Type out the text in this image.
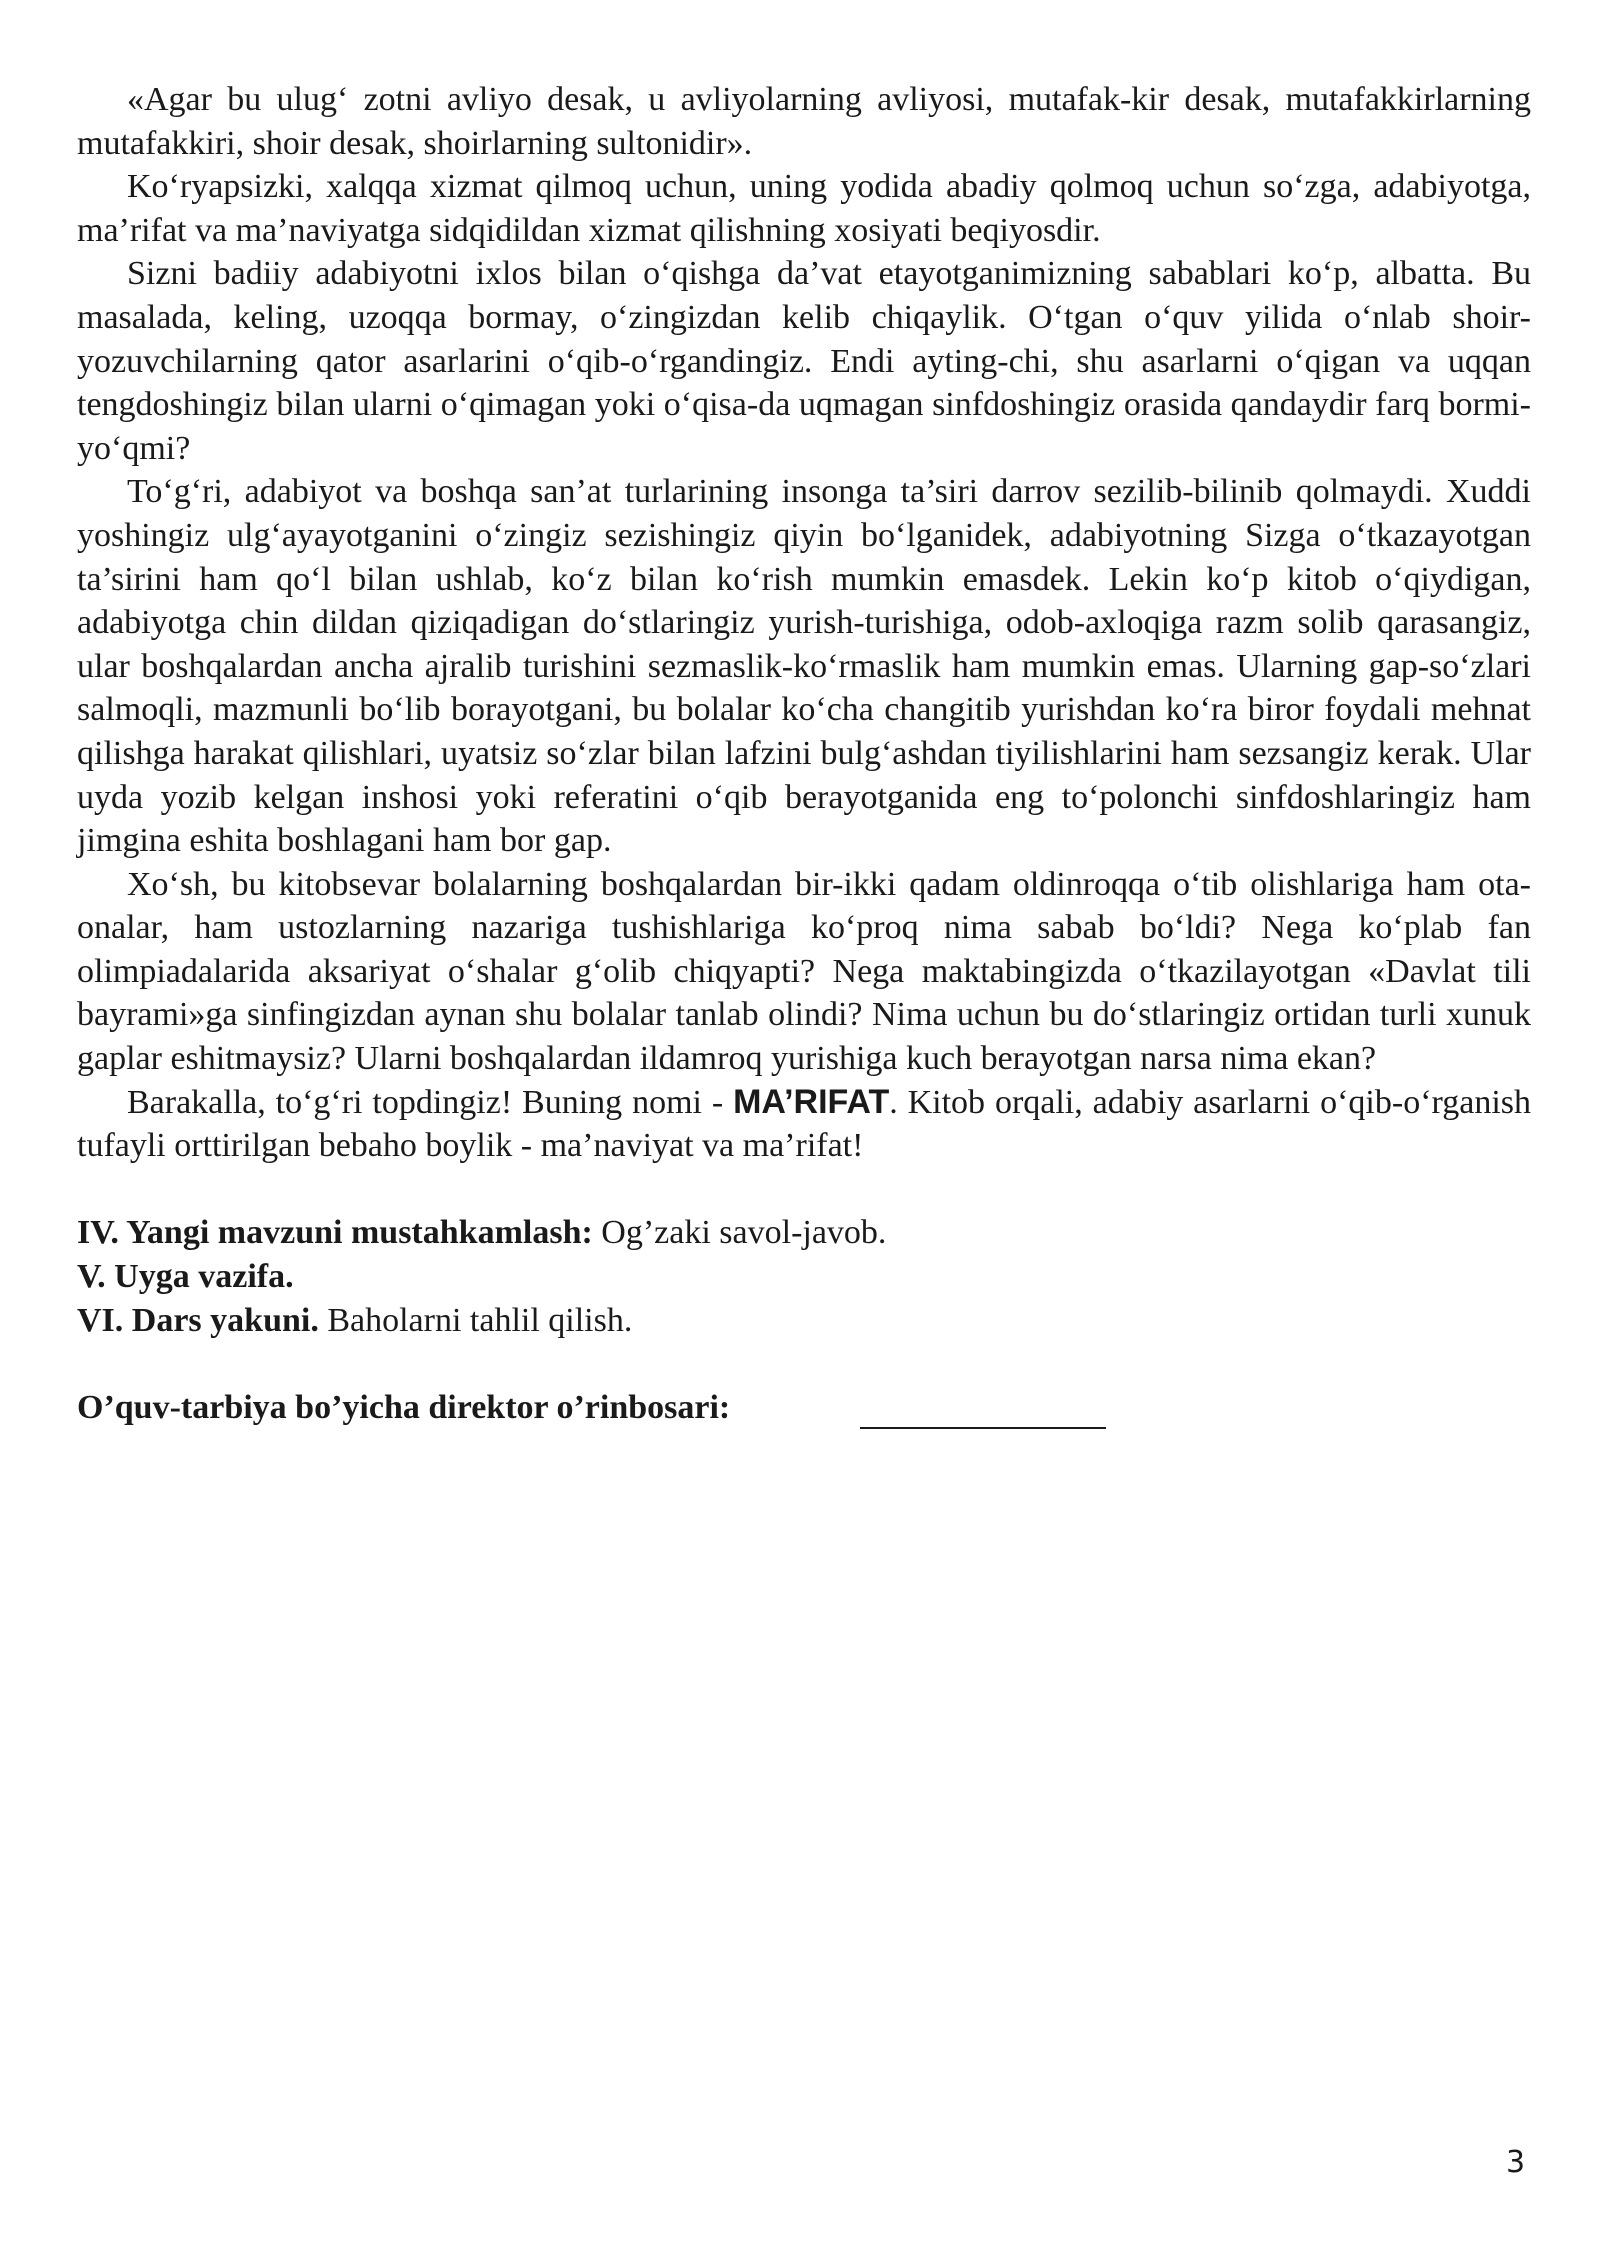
«Agar bu ulug‘ zotni avliyo desak, u avliyolarning avliyosi, mutafak-kir desak, mutafakkirlarning mutafakkiri, shoir desak, shoirlarning sultonidir».

Ko‘ryapsizki, xalqqa xizmat qilmoq uchun, uning yodida abadiy qolmoq uchun so‘zga, adabiyotga, ma’rifat va ma’naviyatga sidqidildan xizmat qilishning xosiyati beqiyosdir.

Sizni badiiy adabiyotni ixlos bilan o‘qishga da’vat etayotganimizning sabablari ko‘p, albatta. Bu masalada, keling, uzoqqa bormay, o‘zingizdan kelib chiqaylik. O‘tgan o‘quv yilida o‘nlab shoir-yozuvchilarning qator asarlarini o‘qib-o‘rgandingiz. Endi ayting-chi, shu asarlarni o‘qigan va uqqan tengdoshingiz bilan ularni o‘qimagan yoki o‘qisa-da uqmagan sinfdoshingiz orasida qandaydir farq bormi-yo‘qmi?

To‘g‘ri, adabiyot va boshqa san’at turlarining insonga ta’siri darrov sezilib-bilinib qolmaydi. Xuddi yoshingiz ulg‘ayayotganini o‘zingiz sezishingiz qiyin bo‘lganidek, adabiyotning Sizga o‘tkazayotgan ta’sirini ham qo‘l bilan ushlab, ko‘z bilan ko‘rish mumkin emasdek. Lekin ko‘p kitob o‘qiydigan, adabiyotga chin dildan qiziqadigan do‘stlaringiz yurish-turishiga, odob-axloqiga razm solib qarasangiz, ular boshqalardan ancha ajralib turishini sezmaslik-ko‘rmaslik ham mumkin emas. Ularning gap-so‘zlari salmoqli, mazmunli bo‘lib borayotgani, bu bolalar ko‘cha changitib yurishdan ko‘ra biror foydali mehnat qilishga harakat qilishlari, uyatsiz so‘zlar bilan lafzini bulg‘ashdan tiyilishlarini ham sezsangiz kerak. Ular uyda yozib kelgan inshosi yoki referatini o‘qib berayotganida eng to‘polonchi sinfdoshlaringiz ham jimgina eshita boshlagani ham bor gap.

Xo‘sh, bu kitobsevar bolalarning boshqalardan bir-ikki qadam oldinroqqa o‘tib olishlariga ham ota-onalar, ham ustozlarning nazariga tushishlariga ko‘proq nima sabab bo‘ldi? Nega ko‘plab fan olimpiadalarida aksariyat o‘shalar g‘olib chiqyapti? Nega maktabingizda o‘tkazilayotgan «Davlat tili bayrami»ga sinfingizdan aynan shu bolalar tanlab olindi? Nima uchun bu do‘stlaringiz ortidan turli xunuk gaplar eshitmaysiz? Ularni boshqalardan ildamroq yurishiga kuch berayotgan narsa nima ekan?

Barakalla, to‘g‘ri topdingiz! Buning nomi - MA’RIFAT. Kitob orqali, adabiy asarlarni o‘qib-o‘rganish tufayli orttirilgan bebaho boylik - ma’naviyat va ma’rifat!

IV. Yangi mavzuni mustahkamlash: Og’zaki savol-javob.

V. Uyga vazifa.

VI. Dars yakuni. Baholarni tahlil qilish.

O’quv-tarbiya bo’yicha direktor o’rinbosari:

3
